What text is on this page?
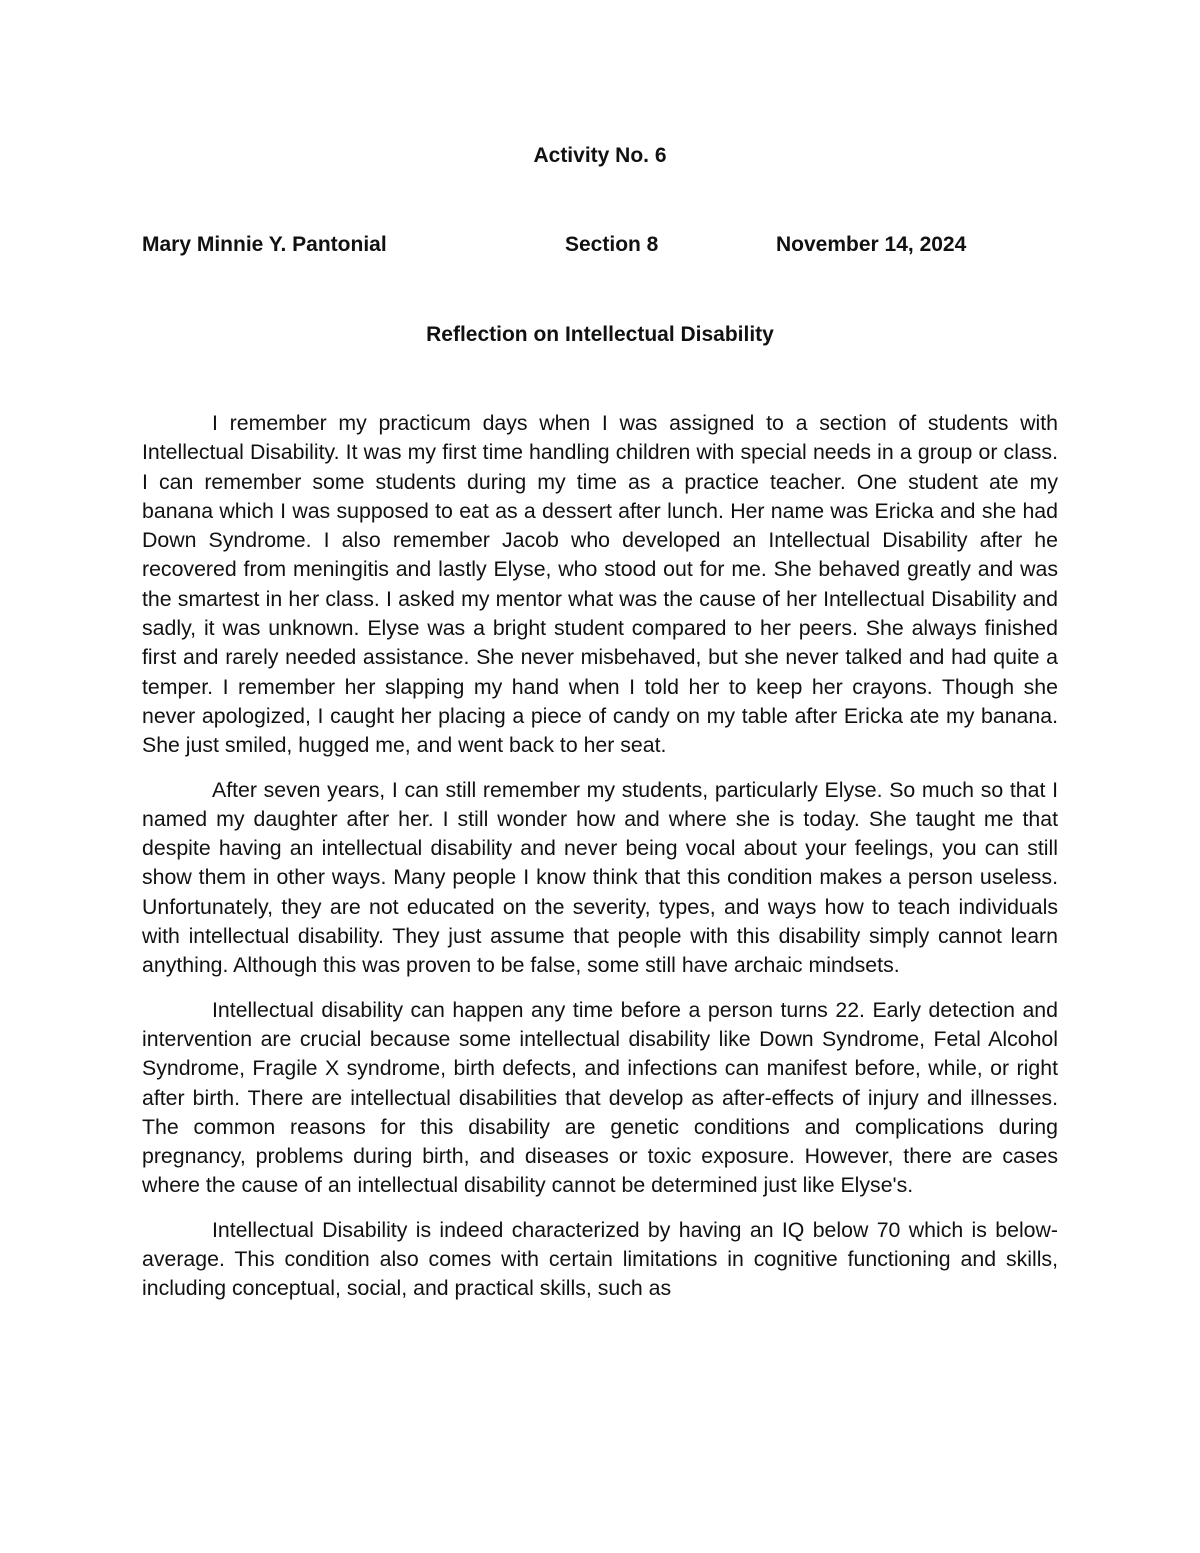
Activity No. 6
Mary Minnie Y. Pantonial	Section 8	November 14, 2024
Reflection on Intellectual Disability

I remember my practicum days when I was assigned to a section of students with Intellectual Disability. It was my first time handling children with special needs in a group or class. I can remember some students during my time as a practice teacher. One student ate my banana which I was supposed to eat as a dessert after lunch. Her name was Ericka and she had Down Syndrome. I also remember Jacob who developed an Intellectual Disability after he recovered from meningitis and lastly Elyse, who stood out for me. She behaved greatly and was the smartest in her class. I asked my mentor what was the cause of her Intellectual Disability and sadly, it was unknown. Elyse was a bright student compared to her peers. She always finished first and rarely needed assistance. She never misbehaved, but she never talked and had quite a temper. I remember her slapping my hand when I told her to keep her crayons. Though she never apologized, I caught her placing a piece of candy on my table after Ericka ate my banana. She just smiled, hugged me, and went back to her seat.

After seven years, I can still remember my students, particularly Elyse. So much so that I named my daughter after her. I still wonder how and where she is today. She taught me that despite having an intellectual disability and never being vocal about your feelings, you can still show them in other ways. Many people I know think that this condition makes a person useless. Unfortunately, they are not educated on the severity, types, and ways how to teach individuals with intellectual disability. They just assume that people with this disability simply cannot learn anything. Although this was proven to be false, some still have archaic mindsets.

Intellectual disability can happen any time before a person turns 22. Early detection and intervention are crucial because some intellectual disability like Down Syndrome, Fetal Alcohol Syndrome, Fragile X syndrome, birth defects, and infections can manifest before, while, or right after birth. There are intellectual disabilities that develop as after-effects of injury and illnesses. The common reasons for this disability are genetic conditions and complications during pregnancy, problems during birth, and diseases or toxic exposure. However, there are cases where the cause of an intellectual disability cannot be determined just like Elyse's.

Intellectual Disability is indeed characterized by having an IQ below 70 which is below-average. This condition also comes with certain limitations in cognitive functioning and skills, including conceptual, social, and practical skills, such as
